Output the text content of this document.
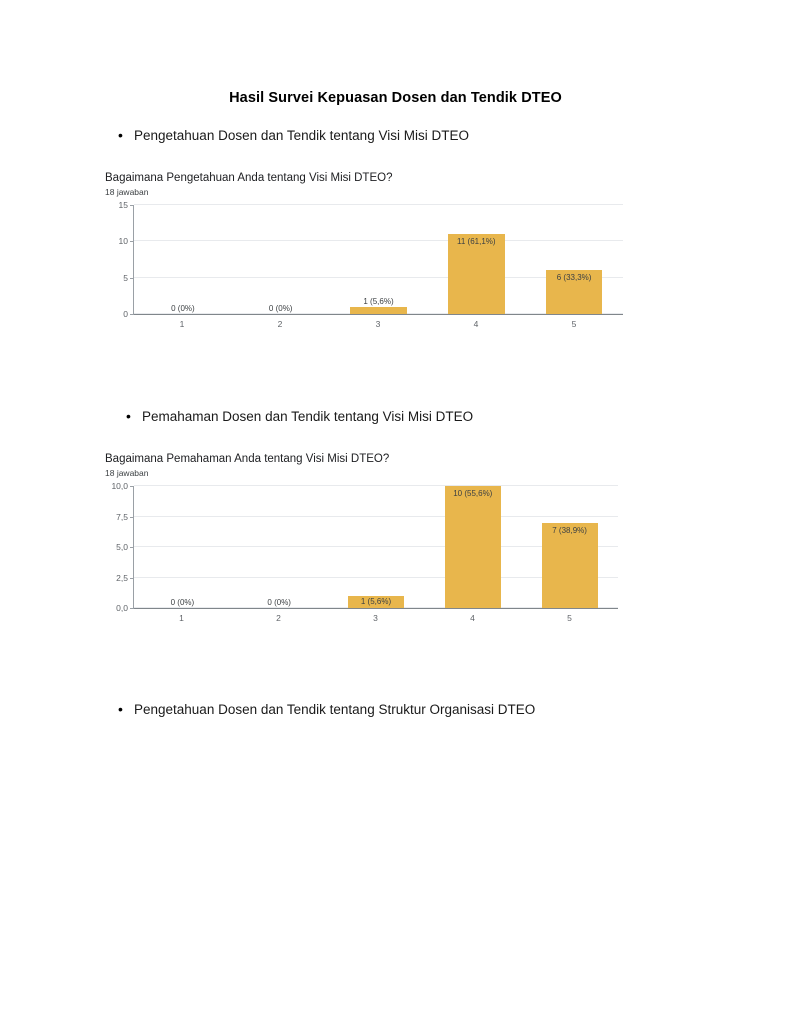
Hasil Survei Kepuasan Dosen dan Tendik DTEO
• Pengetahuan Dosen dan Tendik tentang Visi Misi DTEO
Bagaimana Pengetahuan Anda tentang Visi Misi DTEO?
18 jawaban
0
5
10
15
0 (0%)	0 (0%)
1 (5,6%)
11 (61,1%)
6 (33,3%)
1	2	3	4	5
• Pemahaman Dosen dan Tendik tentang Visi Misi DTEO
Bagaimana Pemahaman Anda tentang Visi Misi DTEO?
18 jawaban
0,0
2,5
5,0
7,5
10,0
0 (0%)	0 (0%)	1 (5,6%)
10 (55,6%)
7 (38,9%)
1	2	3	4	5
• Pengetahuan Dosen dan Tendik tentang Struktur Organisasi DTEO
